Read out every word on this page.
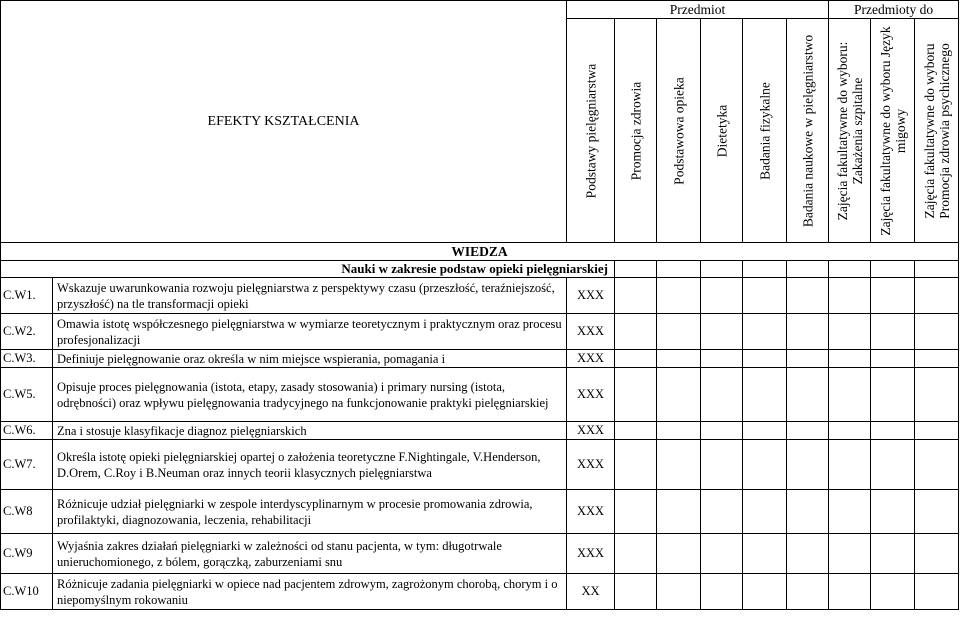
EFEKTY KSZTAŁCENIA		Przedmiot						Przedmioty do		

		Podstawy pielęgniarstwa	Promocja zdrowia	Podstawowa opieka	Dietetyka	Badania fizykalne	Badania naukowe w pielęgniarstwo	Zajęcia fakultatywne do wyboru: Zakażenia szpitalne	Zajęcia fakultatywne do wyboru Język migowy	Zajęcia fakultatywne do wyboru Promocja zdrowia psychicznego

WIEDZA										
Nauki w zakresie podstaw opieki pielęgniarskiej										
C.W1.	Wskazuje uwarunkowania rozwoju pielęgniarstwa z perspektywy czasu (przeszłość, teraźniejszość, przyszłość) na tle transformacji opieki	XXX								
C.W2.	Omawia istotę współczesnego pielęgniarstwa w wymiarze teoretycznym i praktycznym oraz procesu profesjonalizacji	XXX								
C.W3.	Definiuje pielęgnowanie oraz określa w nim miejsce wspierania, pomagania i	XXX								
C.W5.	Opisuje proces pielęgnowania (istota, etapy, zasady stosowania) i primary nursing (istota, odrębności) oraz wpływu pielęgnowania tradycyjnego na funkcjonowanie praktyki pielęgniarskiej	XXX								
C.W6.	Zna i stosuje klasyfikacje diagnoz pielęgniarskich	XXX								
C.W7.	Określa istotę opieki pielęgniarskiej opartej o założenia teoretyczne F.Nightingale, V.Henderson, D.Orem, C.Roy i B.Neuman oraz innych teorii klasycznych pielęgniarstwa	XXX								
C.W8	Różnicuje udział pielęgniarki w zespole interdyscyplinarnym w procesie promowania zdrowia, profilaktyki, diagnozowania, leczenia, rehabilitacji	XXX								
C.W9	Wyjaśnia zakres działań pielęgniarki w zależności od stanu pacjenta, w tym: długotrwale unieruchomionego, z bólem, gorączką, zaburzeniami snu	XXX								
C.W10	Różnicuje zadania pielęgniarki w opiece nad pacjentem zdrowym, zagrożonym chorobą, chorym i o niepomyślnym rokowaniu	XX								
